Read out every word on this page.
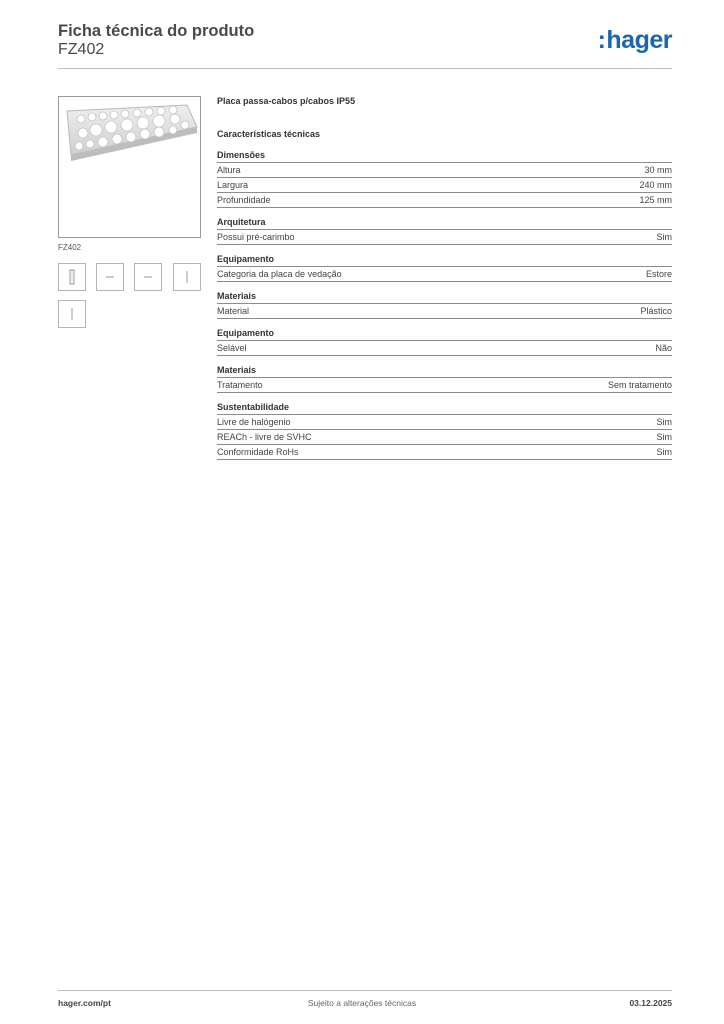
Ficha técnica do produto
FZ402	:hager
FZ402
Placa passa-cabos p/cabos IP55
Características técnicas
Dimensões
Altura	30 mm
Largura	240 mm
Profundidade	125 mm
Arquitetura
Possui pré-carimbo	Sim
Equipamento
Categoria da placa de vedação	Estore
Materiais
Material	Plástico
Equipamento
Selável	Não
Materiais
Tratamento	Sem tratamento
Sustentabilidade
Livre de halógenio	Sim
REACh - livre de SVHC	Sim
Conformidade RoHs	Sim
hager.com/pt	Sujeito a alterações técnicas	03.12.2025
